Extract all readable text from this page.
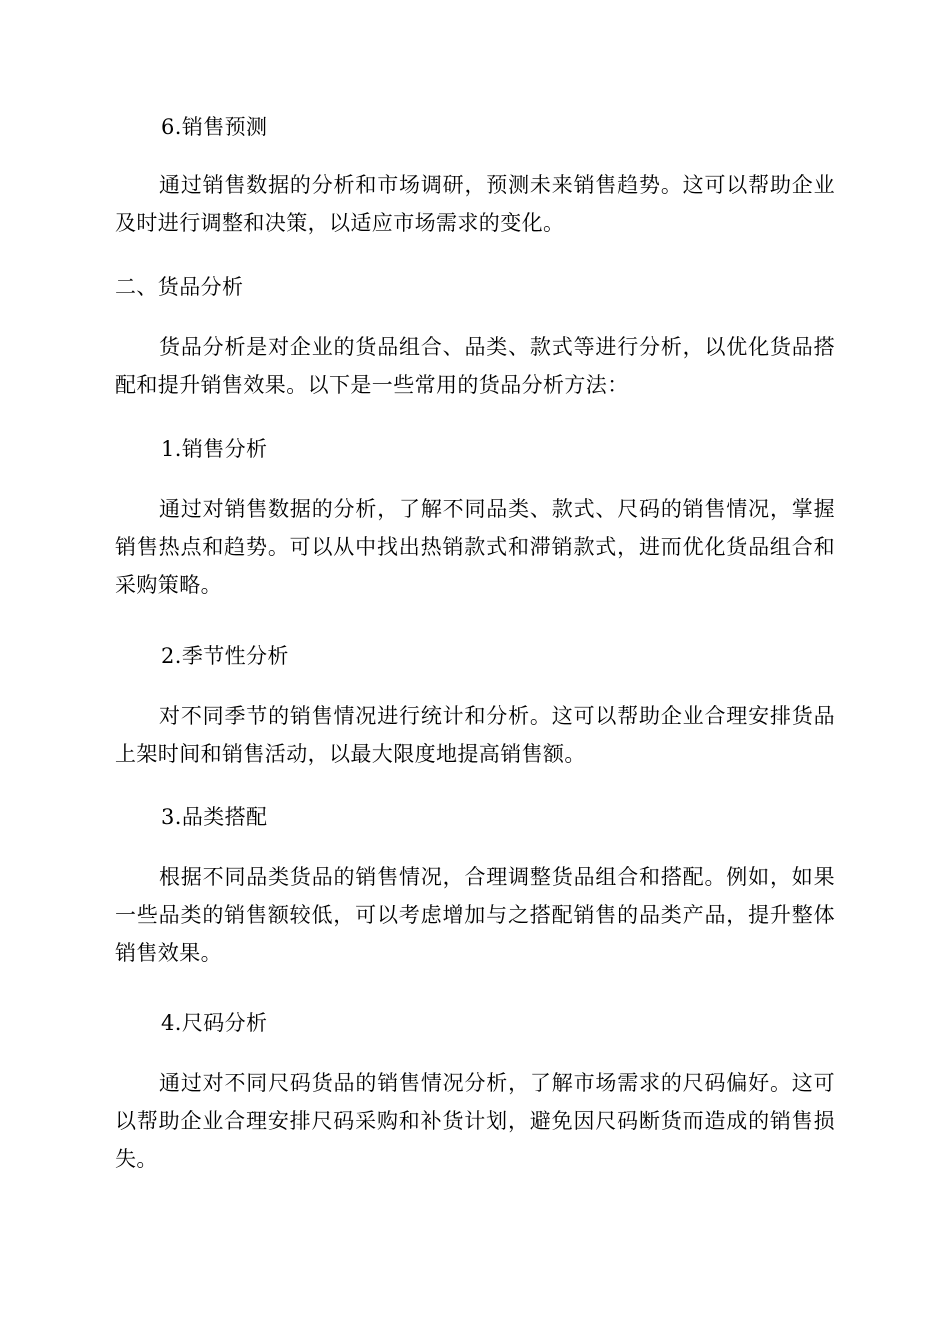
6.销售预测

通过销售数据的分析和市场调研，预测未来销售趋势。这可以帮助企业及时进行调整和决策，以适应市场需求的变化。

二、货品分析

货品分析是对企业的货品组合、品类、款式等进行分析，以优化货品搭配和提升销售效果。以下是一些常用的货品分析方法：

1.销售分析

通过对销售数据的分析，了解不同品类、款式、尺码的销售情况，掌握销售热点和趋势。可以从中找出热销款式和滞销款式，进而优化货品组合和采购策略。

2.季节性分析

对不同季节的销售情况进行统计和分析。这可以帮助企业合理安排货品上架时间和销售活动，以最大限度地提高销售额。

3.品类搭配

根据不同品类货品的销售情况，合理调整货品组合和搭配。例如，如果一些品类的销售额较低，可以考虑增加与之搭配销售的品类产品，提升整体销售效果。

4.尺码分析

通过对不同尺码货品的销售情况分析，了解市场需求的尺码偏好。这可以帮助企业合理安排尺码采购和补货计划，避免因尺码断货而造成的销售损失。
